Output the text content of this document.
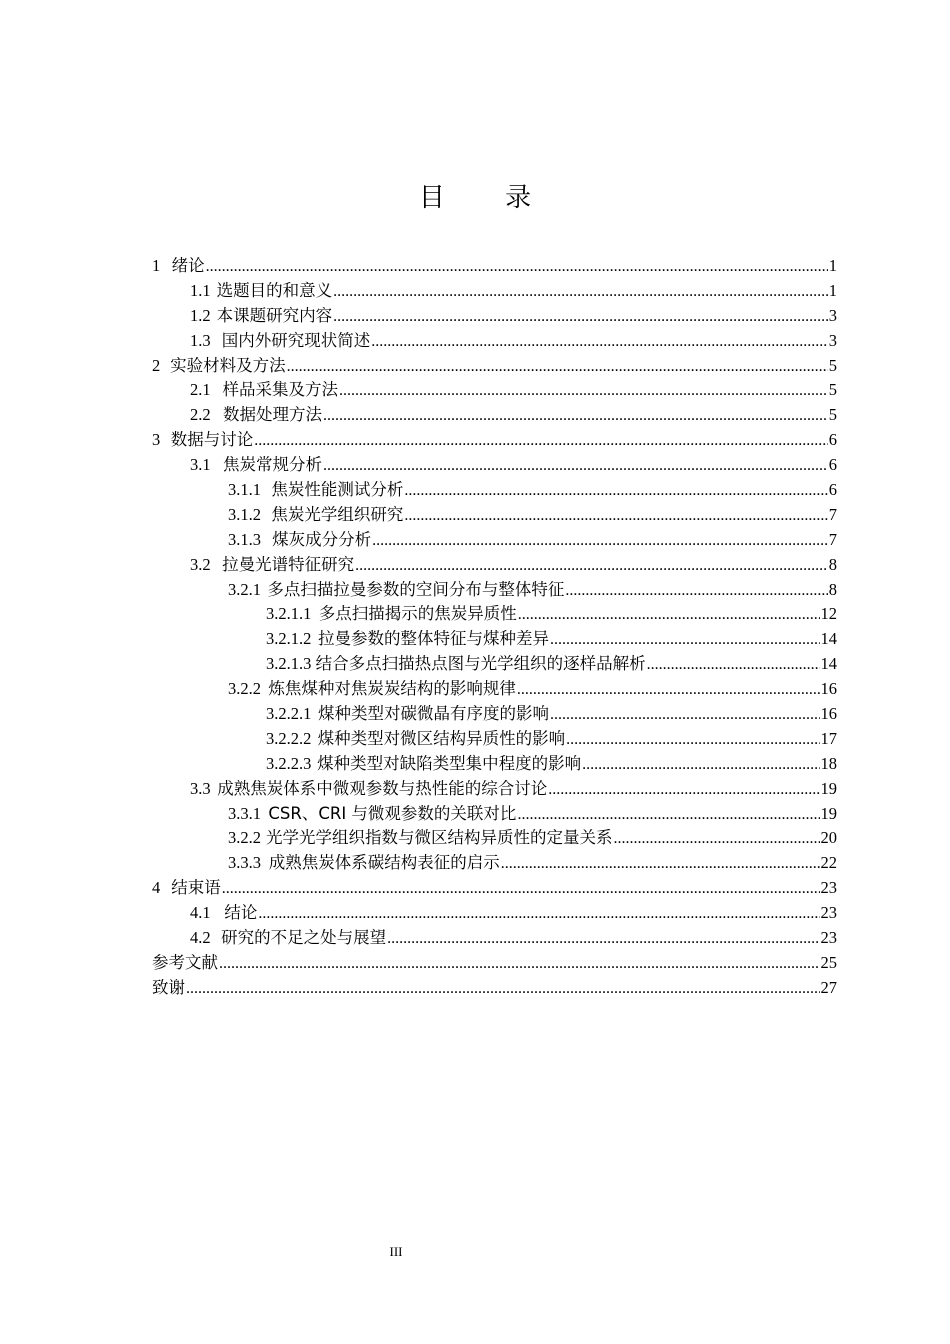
目 录
1 绪论 .....	1
1.1 选题目的和意义 .....	1
1.2 本课题研究内容 .....	3
1.3 国内外研究现状简述 .....	3
2 实验材料及方法 .....	5
2.1 样品采集及方法 .....	5
2.2 数据处理方法 .....	5
3 数据与讨论 .....	6
3.1 焦炭常规分析 .....	6
3.1.1 焦炭性能测试分析 .....	6
3.1.2 焦炭光学组织研究 .....	7
3.1.3 煤灰成分分析 .....	7
3.2 拉曼光谱特征研究 .....	8
3.2.1 多点扫描拉曼参数的空间分布与整体特征 .....	8
3.2.1.1 多点扫描揭示的焦炭异质性 .....	12
3.2.1.2 拉曼参数的整体特征与煤种差异 .....	14
3.2.1.3 结合多点扫描热点图与光学组织的逐样品解析 .....	14
3.2.2 炼焦煤种对焦炭炭结构的影响规律 .....	16
3.2.2.1 煤种类型对碳微晶有序度的影响 .....	16
3.2.2.2 煤种类型对微区结构异质性的影响 .....	17
3.2.2.3 煤种类型对缺陷类型集中程度的影响 .....	18
3.3 成熟焦炭体系中微观参数与热性能的综合讨论 .....	19
3.3.1 CSR、CRI 与微观参数的关联对比 .....	19
3.2.2 光学光学组织指数与微区结构异质性的定量关系 .....	20
3.3.3 成熟焦炭体系碳结构表征的启示 .....	22
4 结束语 .....	23
4.1 结论 .....	23
4.2 研究的不足之处与展望 .....	23
参考文献 .....	25
致谢 .....	27
III
